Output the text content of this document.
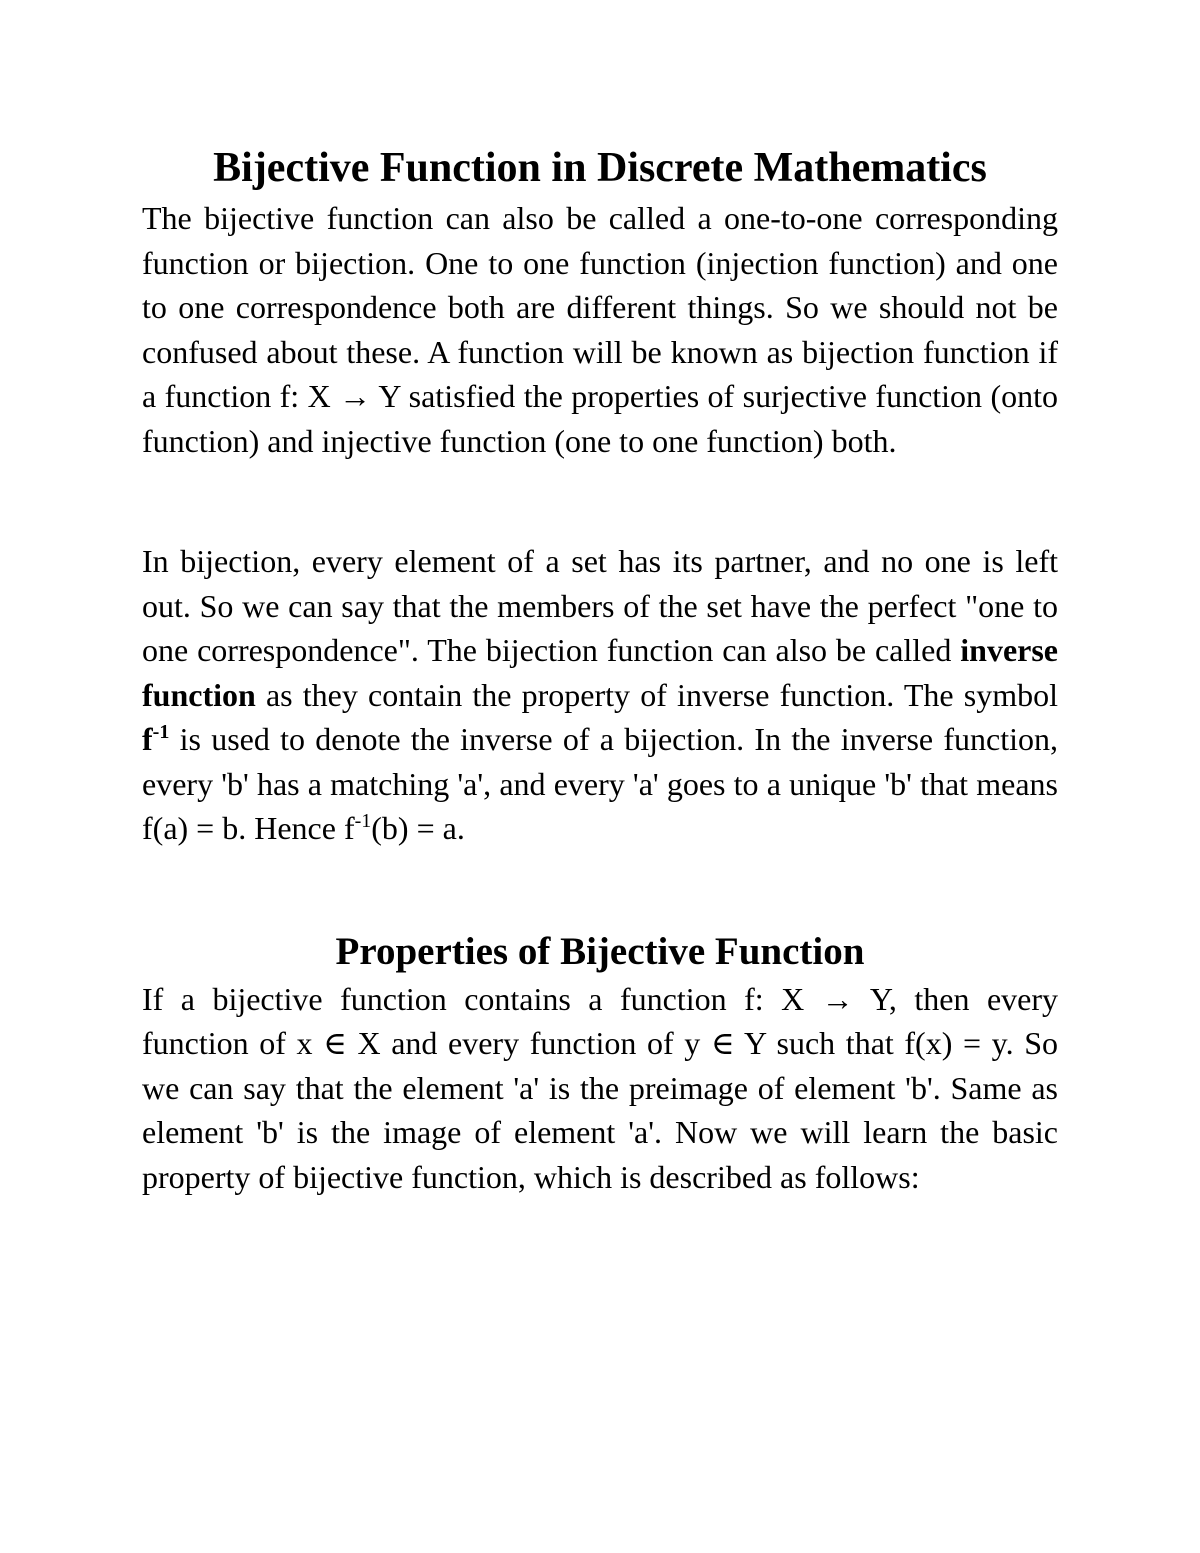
Bijective Function in Discrete Mathematics

The bijective function can also be called a one-to-one corresponding function or bijection. One to one function (injection function) and one to one correspondence both are different things. So we should not be confused about these. A function will be known as bijection function if a function f: X → Y satisfied the properties of surjective function (onto function) and injective function (one to one function) both.

In bijection, every element of a set has its partner, and no one is left out. So we can say that the members of the set have the perfect "one to one correspondence". The bijection function can also be called inverse function as they contain the property of inverse function. The symbol $f^{-1}$ is used to denote the inverse of a bijection. In the inverse function, every 'b' has a matching 'a', and every 'a' goes to a unique 'b' that means f(a) = b. Hence $f^{-1}(b) = a$.

Properties of Bijective Function

If a bijective function contains a function f: X → Y, then every function of x ∈ X and every function of y ∈ Y such that f(x) = y. So we can say that the element 'a' is the preimage of element 'b'. Same as element 'b' is the image of element 'a'. Now we will learn the basic property of bijective function, which is described as follows:
